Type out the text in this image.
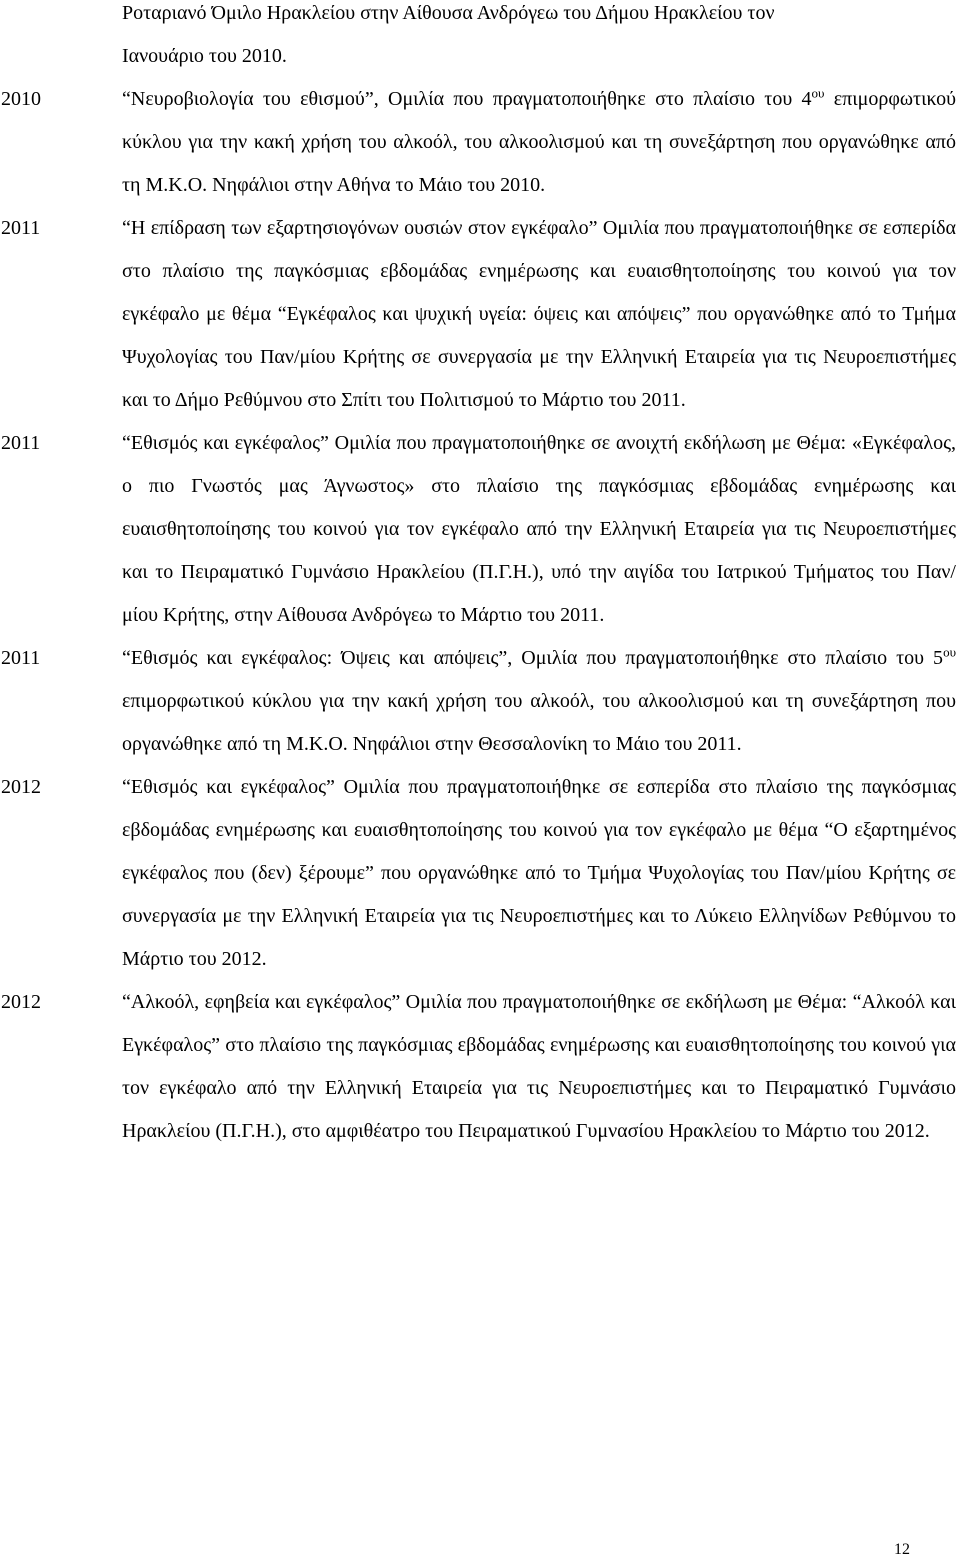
Ροταριανό Όμιλο Ηρακλείου στην Αίθουσα Ανδρόγεω του Δήμου Ηρακλείου τον
Ιανουάριο του 2010.
2010	“Νευροβιολογία του εθισμού”, Ομιλία που πραγματοποιήθηκε στο πλαίσιο του $4^{o\upsilon}$ επιμορφωτικού κύκλου για την κακή χρήση του αλκοόλ, του αλκοολισμού και τη συνεξάρτηση που οργανώθηκε από τη Μ.Κ.Ο. Νηφάλιοι στην Αθήνα το Μάιο του 2010.
2011	“Η επίδραση των εξαρτησιογόνων ουσιών στον εγκέφαλο” Ομιλία που πραγματοποιήθηκε σε εσπερίδα στο πλαίσιο της παγκόσμιας εβδομάδας ενημέρωσης και ευαισθητοποίησης του κοινού για τον εγκέφαλο με θέμα “Εγκέφαλος και ψυχική υγεία: όψεις και απόψεις” που οργανώθηκε από το Τμήμα Ψυχολογίας του Παν/μίου Κρήτης σε συνεργασία με την Ελληνική Εταιρεία για τις Νευροεπιστήμες και το Δήμο Ρεθύμνου στο Σπίτι του Πολιτισμού το Μάρτιο του 2011.
2011	“Εθισμός και εγκέφαλος” Ομιλία που πραγματοποιήθηκε σε ανοιχτή εκδήλωση με Θέμα: «Εγκέφαλος, ο πιο Γνωστός μας Άγνωστος» στο πλαίσιο της παγκόσμιας εβδομάδας ενημέρωσης και ευαισθητοποίησης του κοινού για τον εγκέφαλο από την Ελληνική Εταιρεία για τις Νευροεπιστήμες και το Πειραματικό Γυμνάσιο Ηρακλείου (Π.Γ.Η.), υπό την αιγίδα του Ιατρικού Τμήματος του Παν/μίου Κρήτης, στην Αίθουσα Ανδρόγεω το Μάρτιο του 2011.
2011	“Εθισμός και εγκέφαλος: Όψεις και απόψεις”, Ομιλία που πραγματοποιήθηκε στο πλαίσιο του $5^{o\upsilon}$ επιμορφωτικού κύκλου για την κακή χρήση του αλκοόλ, του αλκοολισμού και τη συνεξάρτηση που οργανώθηκε από τη Μ.Κ.Ο. Νηφάλιοι στην Θεσσαλονίκη το Μάιο του 2011.
2012	“Εθισμός και εγκέφαλος” Ομιλία που πραγματοποιήθηκε σε εσπερίδα στο πλαίσιο της παγκόσμιας εβδομάδας ενημέρωσης και ευαισθητοποίησης του κοινού για τον εγκέφαλο με θέμα “Ο εξαρτημένος εγκέφαλος που (δεν) ξέρουμε” που οργανώθηκε από το Τμήμα Ψυχολογίας του Παν/μίου Κρήτης σε συνεργασία με την Ελληνική Εταιρεία για τις Νευροεπιστήμες και το Λύκειο Ελληνίδων Ρεθύμνου το Μάρτιο του 2012.
2012	“Αλκοόλ, εφηβεία και εγκέφαλος” Ομιλία που πραγματοποιήθηκε σε εκδήλωση με Θέμα: “Αλκοόλ και Εγκέφαλος” στο πλαίσιο της παγκόσμιας εβδομάδας ενημέρωσης και ευαισθητοποίησης του κοινού για τον εγκέφαλο από την Ελληνική Εταιρεία για τις Νευροεπιστήμες και το Πειραματικό Γυμνάσιο Ηρακλείου (Π.Γ.Η.), στο αμφιθέατρο του Πειραματικού Γυμνασίου Ηρακλείου το Μάρτιο του 2012.
12
